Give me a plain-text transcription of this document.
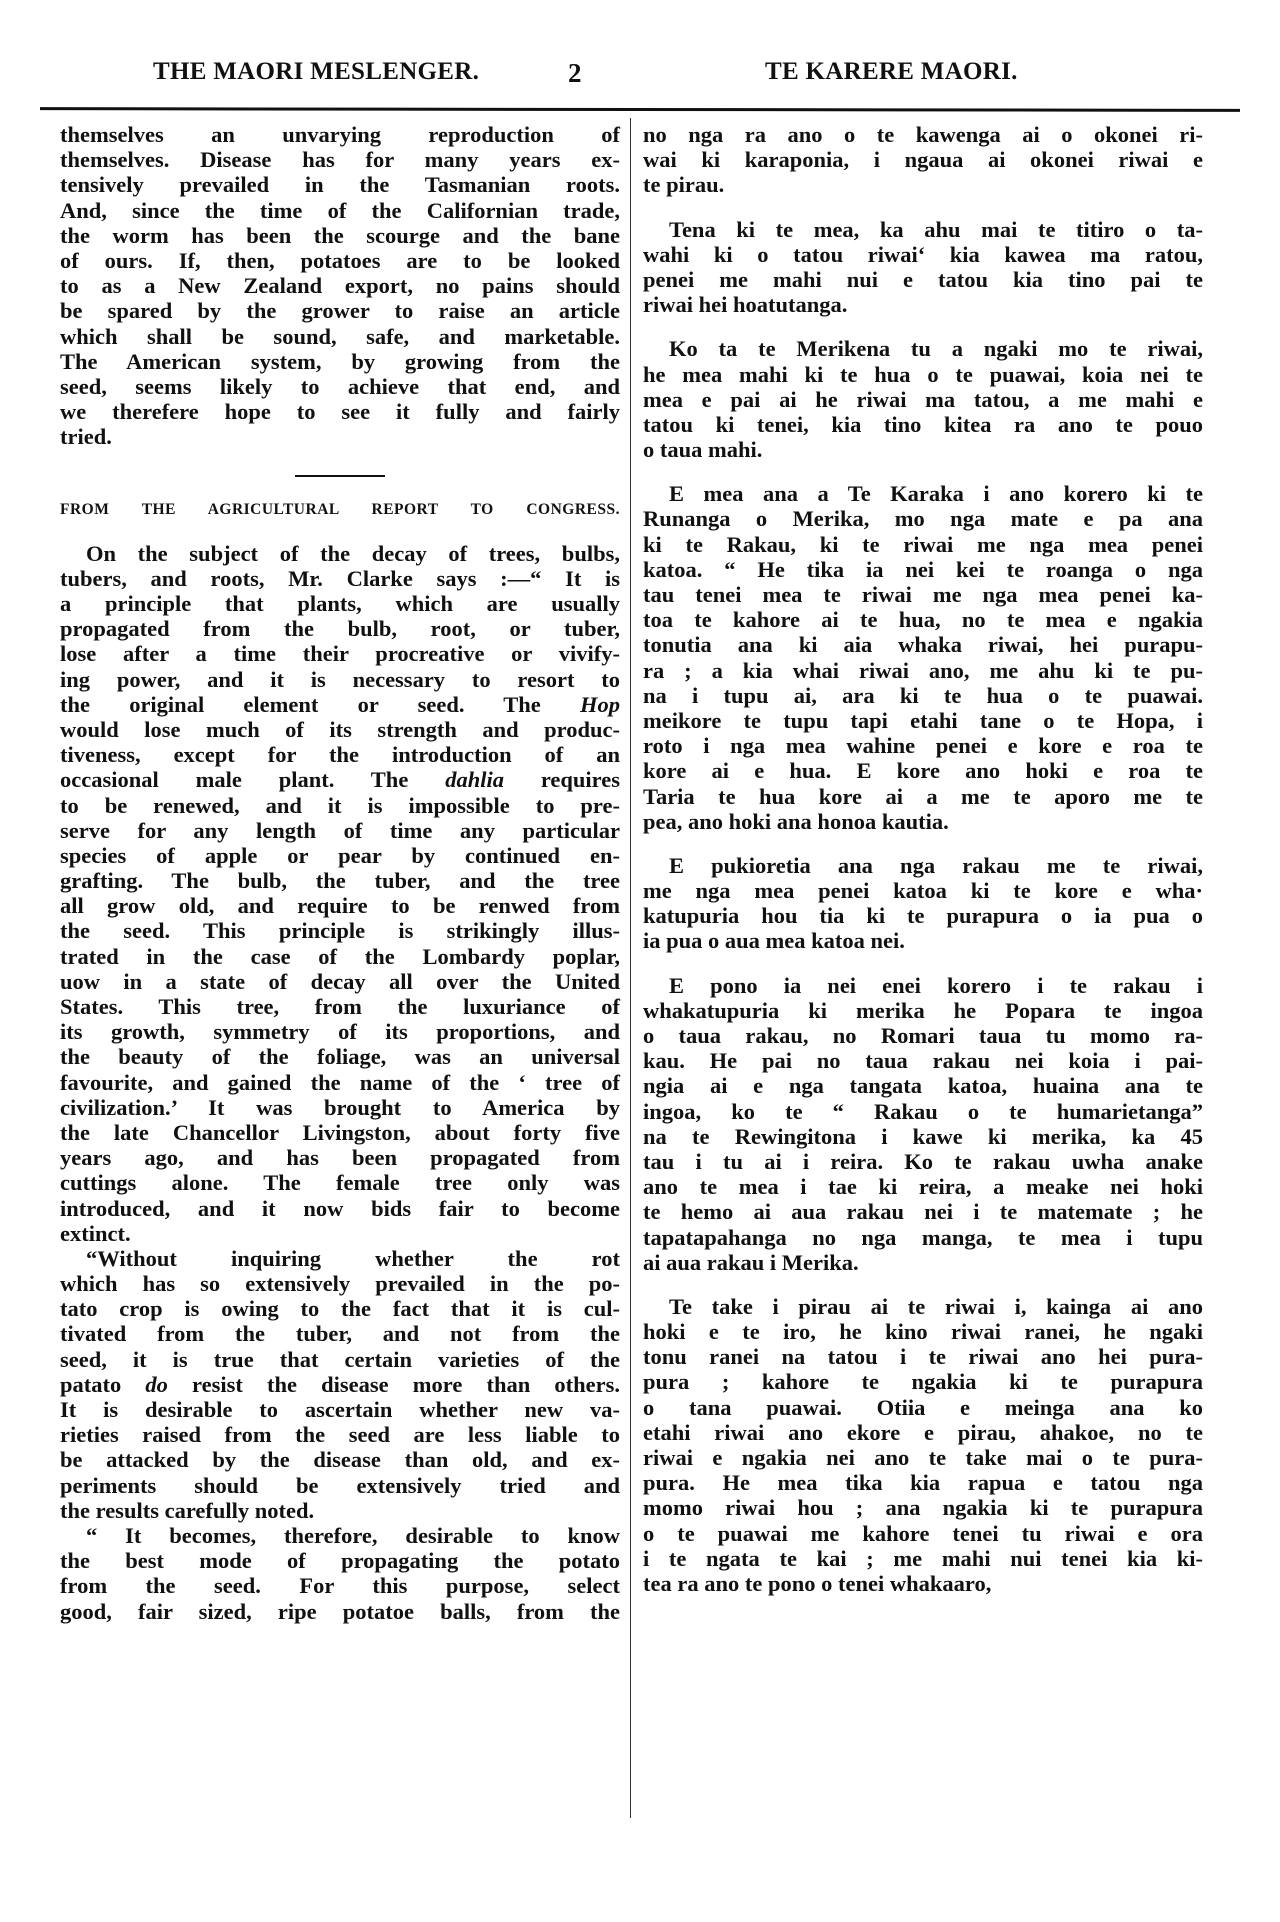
THE MAORI MESLENGER.	2	TE KARERE MAORI.
themselves an unvarying reproduction of
themselves. Disease has for many years ex-
tensively prevailed in the Tasmanian roots.
And, since the time of the Californian trade,
the worm has been the scourge and the bane
of ours. If, then, potatoes are to be looked
to as a New Zealand export, no pains should
be spared by the grower to raise an article
which shall be sound, safe, and marketable.
The American system, by growing from the
seed, seems likely to achieve that end, and
we therefere hope to see it fully and fairly
tried.
FROM THE AGRICULTURAL REPORT TO CONGRESS.
On the subject of the decay of trees, bulbs,
tubers, and roots, Mr. Clarke says :—“ It is
a principle that plants, which are usually
propagated from the bulb, root, or tuber,
lose after a time their procreative or vivify-
ing power, and it is necessary to resort to
the original element or seed. The Hop
would lose much of its strength and produc-
tiveness, except for the introduction of an
occasional male plant. The dahlia requires
to be renewed, and it is impossible to pre-
serve for any length of time any particular
species of apple or pear by continued en-
grafting. The bulb, the tuber, and the tree
all grow old, and require to be renwed from
the seed. This principle is strikingly illus-
trated in the case of the Lombardy poplar,
uow in a state of decay all over the United
States. This tree, from the luxuriance of
its growth, symmetry of its proportions, and
the beauty of the foliage, was an universal
favourite, and gained the name of the ‘ tree of
civilization.’ It was brought to America by
the late Chancellor Livingston, about forty five
years ago, and has been propagated from
cuttings alone. The female tree only was
introduced, and it now bids fair to become
extinct.
“Without inquiring whether the rot
which has so extensively prevailed in the po-
tato crop is owing to the fact that it is cul-
tivated from the tuber, and not from the
seed, it is true that certain varieties of the
patato do resist the disease more than others.
It is desirable to ascertain whether new va-
rieties raised from the seed are less liable to
be attacked by the disease than old, and ex-
periments should be extensively tried and
the results carefully noted.
“ It becomes, therefore, desirable to know
the best mode of propagating the potato
from the seed. For this purpose, select
good, fair sized, ripe potatoe balls, from the
no nga ra ano o te kawenga ai o okonei ri-
wai ki karaponia, i ngaua ai okonei riwai e
te pirau.
Tena ki te mea, ka ahu mai te titiro o ta-
wahi ki o tatou riwai‘ kia kawea ma ratou,
penei me mahi nui e tatou kia tino pai te
riwai hei hoatutanga.
Ko ta te Merikena tu a ngaki mo te riwai,
he mea mahi ki te hua o te puawai, koia nei te
mea e pai ai he riwai ma tatou, a me mahi e
tatou ki tenei, kia tino kitea ra ano te pouo
o taua mahi.
E mea ana a Te Karaka i ano korero ki te
Runanga o Merika, mo nga mate e pa ana
ki te Rakau, ki te riwai me nga mea penei
katoa. “ He tika ia nei kei te roanga o nga
tau tenei mea te riwai me nga mea penei ka-
toa te kahore ai te hua, no te mea e ngakia
tonutia ana ki aia whaka riwai, hei purapu-
ra ; a kia whai riwai ano, me ahu ki te pu-
na i tupu ai, ara ki te hua o te puawai.
meikore te tupu tapi etahi tane o te Hopa, i
roto i nga mea wahine penei e kore e roa te
kore ai e hua. E kore ano hoki e roa te
Taria te hua kore ai a me te aporo me te
pea, ano hoki ana honoa kautia.
E pukioretia ana nga rakau me te riwai,
me nga mea penei katoa ki te kore e wha·
katupuria hou tia ki te purapura o ia pua o
ia pua o aua mea katoa nei.
E pono ia nei enei korero i te rakau i
whakatupuria ki merika he Popara te ingoa
o taua rakau, no Romari taua tu momo ra-
kau. He pai no taua rakau nei koia i pai-
ngia ai e nga tangata katoa, huaina ana te
ingoa, ko te “ Rakau o te humarietanga”
na te Rewingitona i kawe ki merika, ka 45
tau i tu ai i reira. Ko te rakau uwha anake
ano te mea i tae ki reira, a meake nei hoki
te hemo ai aua rakau nei i te matemate ; he
tapatapahanga no nga manga, te mea i tupu
ai aua rakau i Merika.
Te take i pirau ai te riwai i, kainga ai ano
hoki e te iro, he kino riwai ranei, he ngaki
tonu ranei na tatou i te riwai ano hei pura-
pura ; kahore te ngakia ki te purapura
o tana puawai. Otiia e meinga ana ko
etahi riwai ano ekore e pirau, ahakoe, no te
riwai e ngakia nei ano te take mai o te pura-
pura. He mea tika kia rapua e tatou nga
momo riwai hou ; ana ngakia ki te purapura
o te puawai me kahore tenei tu riwai e ora
i te ngata te kai ; me mahi nui tenei kia ki-
tea ra ano te pono o tenei whakaaro,
